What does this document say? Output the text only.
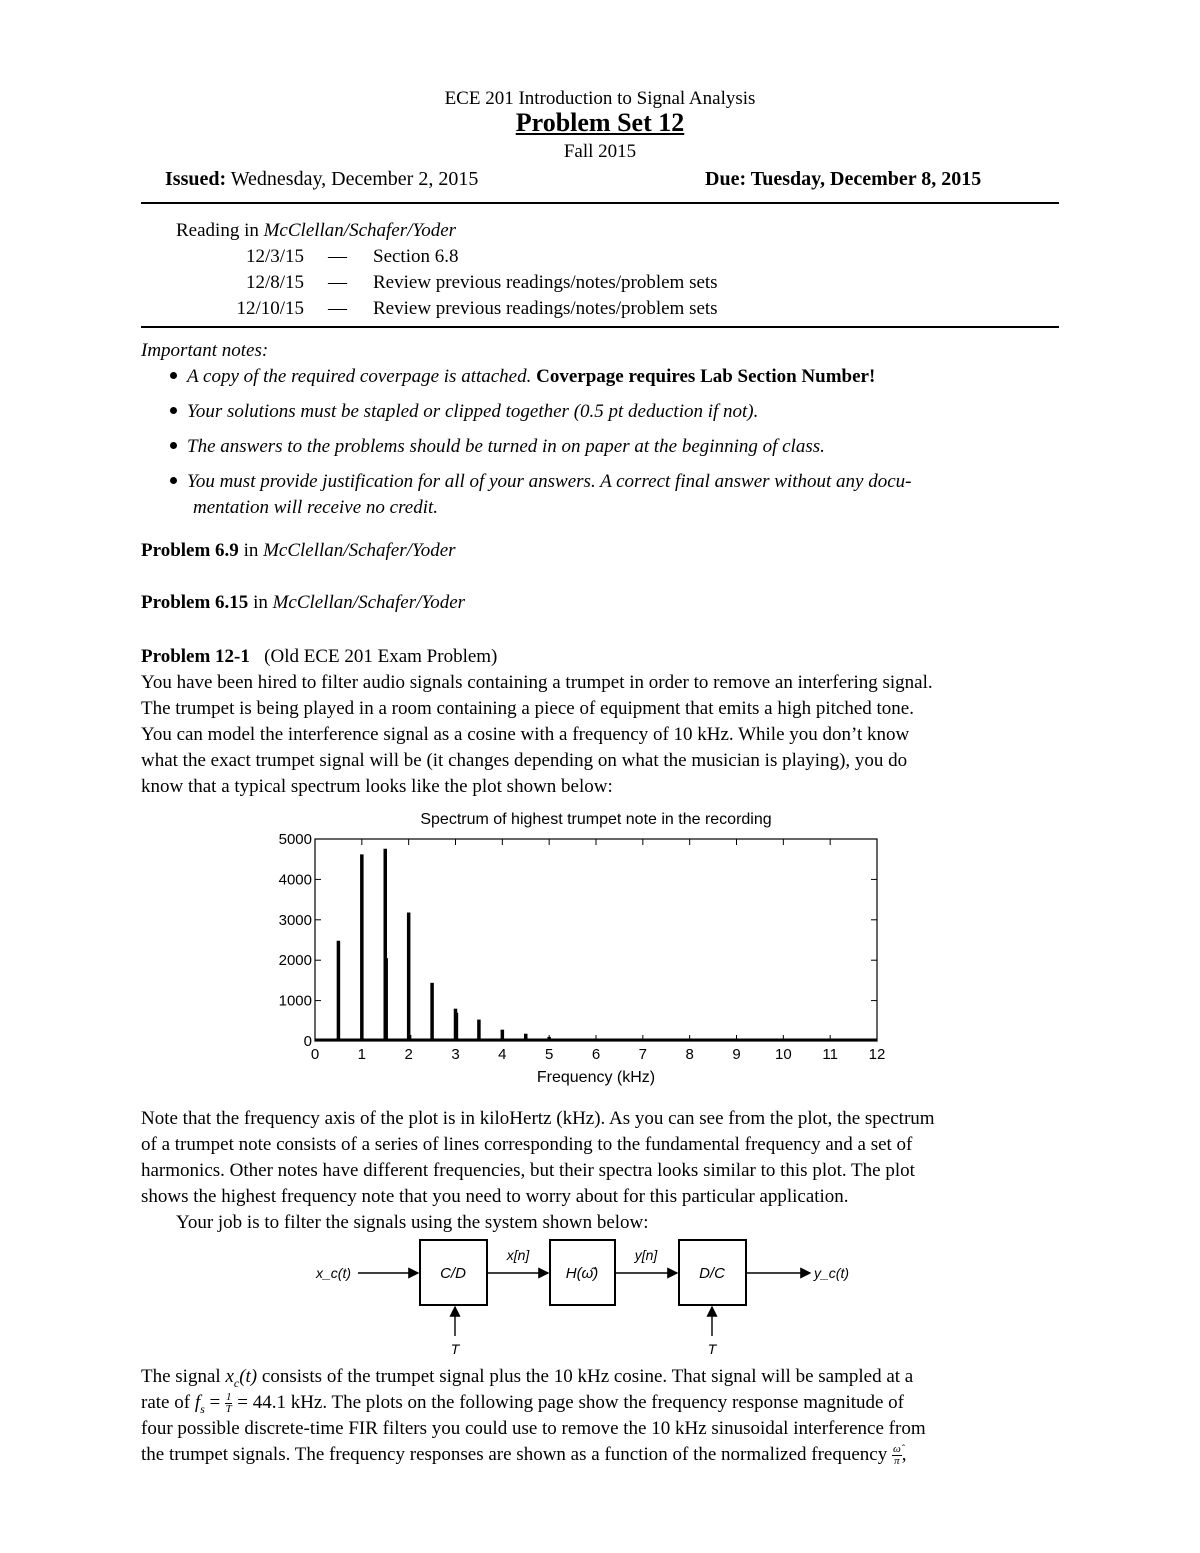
ECE 201 Introduction to Signal Analysis
Problem Set 12
Fall 2015
Issued: Wednesday, December 2, 2015	Due: Tuesday, December 8, 2015
Reading in McClellan/Schafer/Yoder
12/3/15 — Section 6.8
12/8/15 — Review previous readings/notes/problem sets
12/10/15 — Review previous readings/notes/problem sets
Important notes:
A copy of the required coverpage is attached. Coverpage requires Lab Section Number!
Your solutions must be stapled or clipped together (0.5 pt deduction if not).
The answers to the problems should be turned in on paper at the beginning of class.
You must provide justification for all of your answers. A correct final answer without any docu-
mentation will receive no credit.
Problem 6.9 in McClellan/Schafer/Yoder
Problem 6.15 in McClellan/Schafer/Yoder
Problem 12-1 (Old ECE 201 Exam Problem)
You have been hired to filter audio signals containing a trumpet in order to remove an interfering signal.
The trumpet is being played in a room containing a piece of equipment that emits a high pitched tone.
You can model the interference signal as a cosine with a frequency of 10 kHz. While you don’t know
what the exact trumpet signal will be (it changes depending on what the musician is playing), you do
know that a typical spectrum looks like the plot shown below:
Spectrum of highest trumpet note in the recording
0	1	2	3	4	5	6	7	8	9 10 11 12
0
1000
2000
3000
4000
5000
Frequency (kHz)
Note that the frequency axis of the plot is in kiloHertz (kHz). As you can see from the plot, the spectrum
of a trumpet note consists of a series of lines corresponding to the fundamental frequency and a set of
harmonics. Other notes have different frequencies, but their spectra looks similar to this plot. The plot
shows the highest frequency note that you need to worry about for this particular application.
Your job is to filter the signals using the system shown below:
x_c(t)	C/D
x[n]
H(ω̂)
y[n]
D/C	y_c(t)
T	T
The signal $x_c(t)$ consists of the trumpet signal plus the 10 kHz cosine. That signal will be sampled at a
rate of $f_s = \frac{1}{T} = 44.1$ kHz. The plots on the following page show the frequency response magnitude of
four possible discrete-time FIR filters you could use to remove the 10 kHz sinusoidal interference from
the trumpet signals. The frequency responses are shown as a function of the normalized frequency $\frac{\omegâ}{\pi}$ ,
